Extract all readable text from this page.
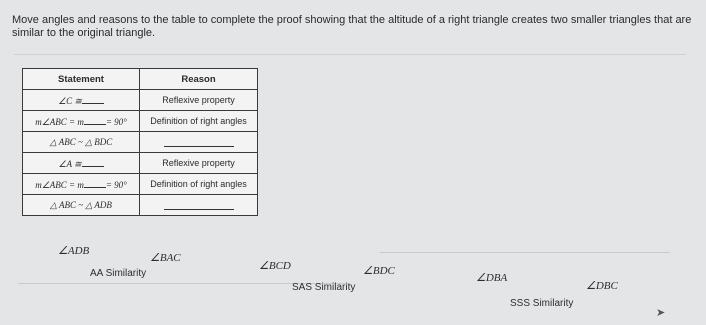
Move angles and reasons to the table to complete the proof showing that the altitude of a right triangle creates two smaller triangles that are similar to the original triangle.
Statement	Reason
∠C ≅	Reflexive property
m∠ABC = m = 90°	Definition of right angles
△ ABC ~ △ BDC	
∠A ≅	Reflexive property
m∠ABC = m = 90°	Definition of right angles
△ ABC ~ △ ADB	
∠ADB
∠BAC
∠BCD	∠BDC
∠DBA
∠DBC
AA Similarity
SAS Similarity
SSS Similarity
➤
